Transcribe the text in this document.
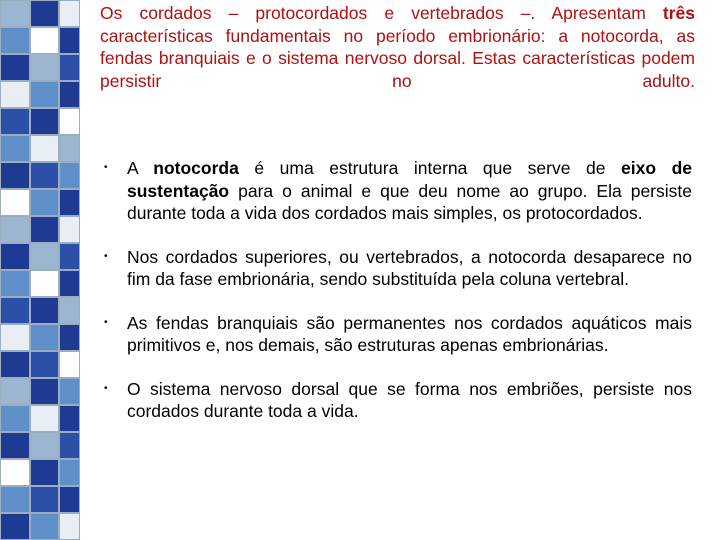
Os cordados – protocordados e vertebrados –. Apresentam três características fundamentais no período embrionário: a notocorda, as fendas branquiais e o sistema nervoso dorsal. Estas características podem persistir no adulto.

• A notocorda é uma estrutura interna que serve de eixo de sustentação para o animal e que deu nome ao grupo. Ela persiste durante toda a vida dos cordados mais simples, os protocordados.
• Nos cordados superiores, ou vertebrados, a notocorda desaparece no fim da fase embrionária, sendo substituída pela coluna vertebral.
• As fendas branquiais são permanentes nos cordados aquáticos mais primitivos e, nos demais, são estruturas apenas embrionárias.
• O sistema nervoso dorsal que se forma nos embriões, persiste nos cordados durante toda a vida.
